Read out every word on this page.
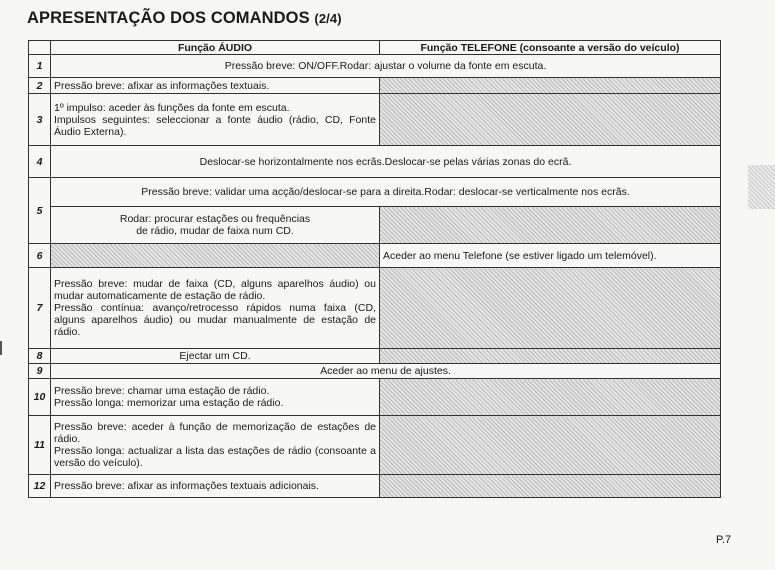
APRESENTAÇÃO DOS COMANDOS (2/4)
	Função ÁUDIO	Função TELEFONE (consoante a versão do veículo)
1	Pressão breve: ON/OFF.Rodar: ajustar o volume da fonte em escuta.	
2	Pressão breve: afixar as informações textuais.	
3	1º impulso: aceder às funções da fonte em escuta.
Impulsos seguintes: seleccionar a fonte áudio (rádio, CD, Fonte Áudio Externa).	
4	Deslocar-se horizontalmente nos ecrãs.Deslocar-se pelas várias zonas do ecrã.	
5	Pressão breve: validar uma acção/deslocar-se para a direita.Rodar: deslocar-se verticalmente nos ecrãs.	
	Rodar: procurar estações ou frequências
de rádio, mudar de faixa num CD.	
6		Aceder ao menu Telefone (se estiver ligado um telemóvel).
7	Pressão breve: mudar de faixa (CD, alguns aparelhos áudio) ou mudar automaticamente de estação de rádio.
Pressão contínua: avanço/retrocesso rápidos numa faixa (CD, alguns aparelhos áudio) ou mudar manualmente de estação de rádio.	
8	Ejectar um CD.	
9	Aceder ao menu de ajustes.	
10	Pressão breve: chamar uma estação de rádio.
Pressão longa: memorizar uma estação de rádio.	
11	Pressão breve: aceder à função de memorização de estações de rádio.
Pressão longa: actualizar a lista das estações de rádio (consoante a versão do veículo).	
12	Pressão breve: afixar as informações textuais adicionais.	
P.7
